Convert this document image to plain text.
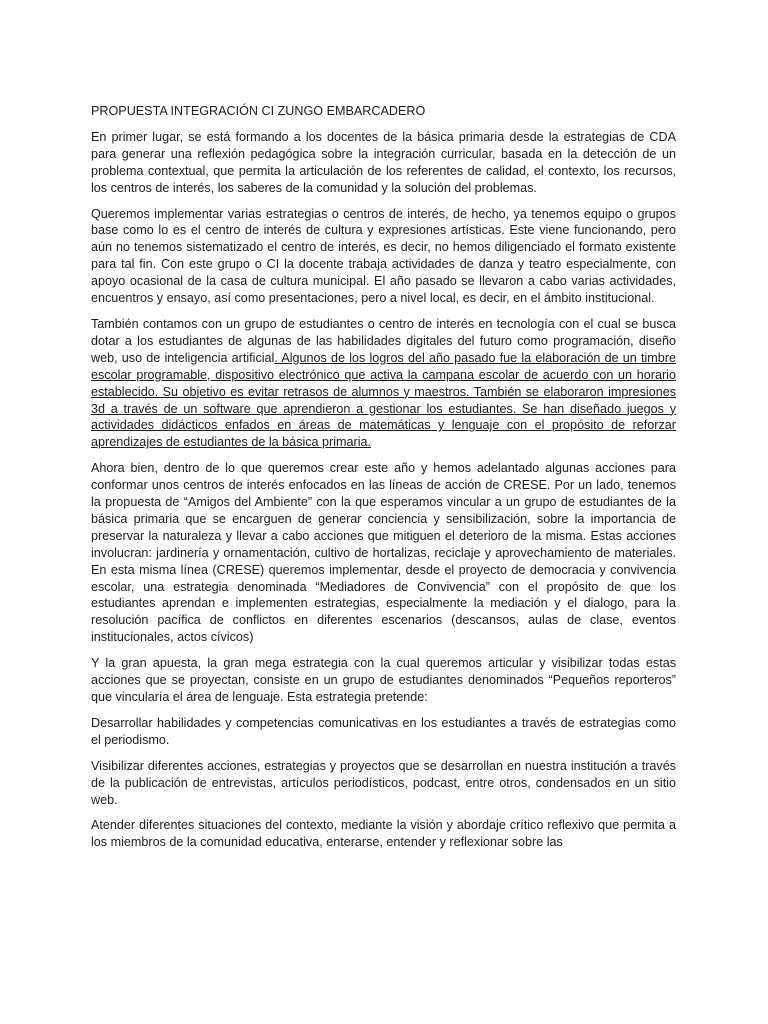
PROPUESTA INTEGRACIÓN CI ZUNGO EMBARCADERO

En primer lugar, se está formando a los docentes de la básica primaria desde la estrategias de CDA para generar una reflexión pedagógica sobre la integración curricular, basada en la detección de un problema contextual, que permita la articulación de los referentes de calidad, el contexto, los recursos, los centros de interés, los saberes de la comunidad y la solución del problemas.

Queremos implementar varias estrategias o centros de interés, de hecho, ya tenemos equipo o grupos base como lo es el centro de interés de cultura y expresiones artísticas. Este viene funcionando, pero aún no tenemos sistematizado el centro de interés, es decir, no hemos diligenciado el formato existente para tal fin. Con este grupo o CI la docente trabaja actividades de danza y teatro especialmente, con apoyo ocasional de la casa de cultura municipal. El año pasado se llevaron a cabo varias actividades, encuentros y ensayo, así como presentaciones, pero a nivel local, es decir, en el ámbito institucional.

También contamos con un grupo de estudiantes o centro de interés en tecnología con el cual se busca dotar a los estudiantes de algunas de las habilidades digitales del futuro como programación, diseño web, uso de inteligencia artificial. Algunos de los logros del año pasado fue la elaboración de un timbre escolar programable, dispositivo electrónico que activa la campana escolar de acuerdo con un horario establecido. Su objetivo es evitar retrasos de alumnos y maestros. También se elaboraron impresiones 3d a través de un software que aprendieron a gestionar los estudiantes. Se han diseñado juegos y actividades didácticos enfados en áreas de matemáticas y lenguaje con el propósito de reforzar aprendizajes de estudiantes de la básica primaria.

Ahora bien, dentro de lo que queremos crear este año y hemos adelantado algunas acciones para conformar unos centros de interés enfocados en las líneas de acción de CRESE. Por un lado, tenemos la propuesta de “Amigos del Ambiente” con la que esperamos vincular a un grupo de estudiantes de la básica primaria que se encarguen de generar conciencia y sensibilización, sobre la importancia de preservar la naturaleza y llevar a cabo acciones que mitiguen el deterioro de la misma. Estas acciones involucran: jardinería y ornamentación, cultivo de hortalizas, reciclaje y aprovechamiento de materiales. En esta misma línea (CRESE) queremos implementar, desde el proyecto de democracia y convivencia escolar, una estrategia denominada “Mediadores de Convivencia” con el propósito de que los estudiantes aprendan e implementen estrategias, especialmente la mediación y el dialogo, para la resolución pacífica de conflictos en diferentes escenarios (descansos, aulas de clase, eventos institucionales, actos cívicos)

Y la gran apuesta, la gran mega estrategia con la cual queremos articular y visibilizar todas estas acciones que se proyectan, consiste en un grupo de estudiantes denominados “Pequeños reporteros” que vincularía el área de lenguaje. Esta estrategia pretende:

Desarrollar habilidades y competencias comunicativas en los estudiantes a través de estrategias como el periodismo.

Visibilizar diferentes acciones, estrategias y proyectos que se desarrollan en nuestra institución a través de la publicación de entrevistas, artículos periodísticos, podcast, entre otros, condensados en un sitio web.

Atender diferentes situaciones del contexto, mediante la visión y abordaje crítico reflexivo que permita a los miembros de la comunidad educativa, enterarse, entender y reflexionar sobre las
